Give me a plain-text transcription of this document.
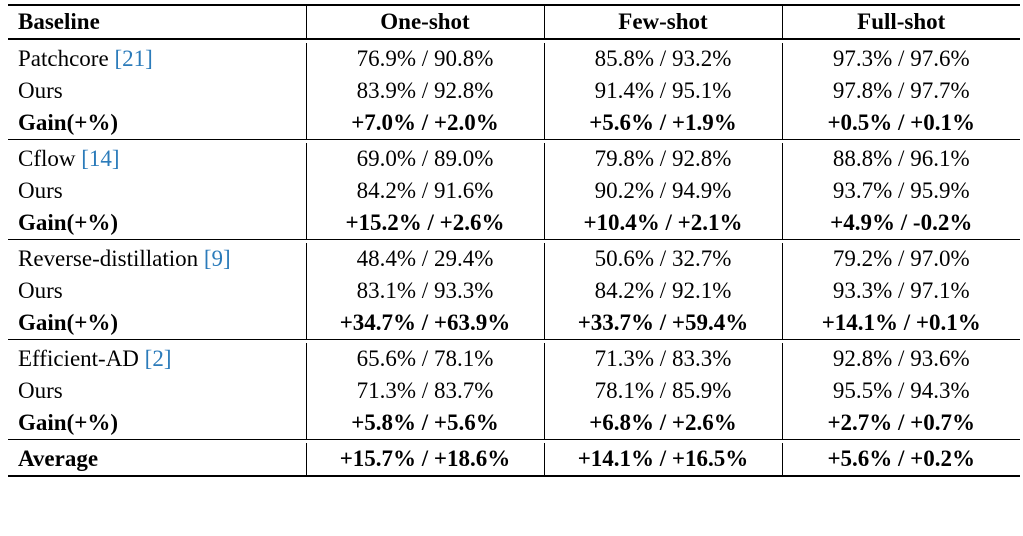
Baseline	One-shot	Few-shot	Full-shot

Patchcore [21]	76.9% / 90.8%	85.8% / 93.2%	97.3% / 97.6%
Ours	83.9% / 92.8%	91.4% / 95.1%	97.8% / 97.7%
Gain(+%)	+7.0% / +2.0%	+5.6% / +1.9%	+0.5% / +0.1%

Cflow [14]	69.0% / 89.0%	79.8% / 92.8%	88.8% / 96.1%
Ours	84.2% / 91.6%	90.2% / 94.9%	93.7% / 95.9%
Gain(+%)	+15.2% / +2.6%	+10.4% / +2.1%	+4.9% / -0.2%

Reverse-distillation [9]	48.4% / 29.4%	50.6% / 32.7%	79.2% / 97.0%
Ours	83.1% / 93.3%	84.2% / 92.1%	93.3% / 97.1%
Gain(+%)	+34.7% / +63.9%	+33.7% / +59.4%	+14.1% / +0.1%

Efficient-AD [2]	65.6% / 78.1%	71.3% / 83.3%	92.8% / 93.6%
Ours	71.3% / 83.7%	78.1% / 85.9%	95.5% / 94.3%
Gain(+%)	+5.8% / +5.6%	+6.8% / +2.6%	+2.7% / +0.7%

Average	+15.7% / +18.6%	+14.1% / +16.5%	+5.6% / +0.2%
